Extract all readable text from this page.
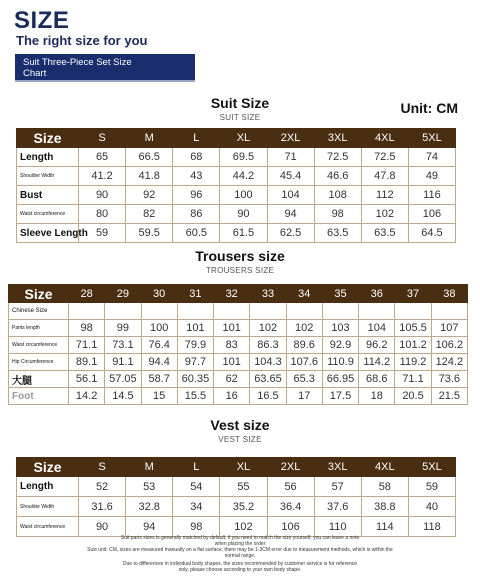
SIZE
The right size for you
Suit Three-Piece Set Size
Chart
Suit Size
SUIT SIZE
Unit: CM
Size	S	M	L	XL	2XL	3XL	4XL	5XL
Length	65	66.5	68	69.5	71	72.5	72.5	74
Shoulder Width	41.2	41.8	43	44.2	45.4	46.6	47.8	49
Bust	90	92	96	100	104	108	112	116
Waist circumference	80	82	86	90	94	98	102	106
Sleeve Length	59	59.5	60.5	61.5	62.5	63.5	63.5	64.5
Trousers size
TROUSERS SIZE
Size	28	29	30	31	32	33	34	35	36	37	38
Chinese Size											
Pants length	98	99	100	101	101	102	102	103	104	105.5	107
Waist circumference	71.1	73.1	76.4	79.9	83	86.3	89.6	92.9	96.2	101.2	106.2
Hip Circumference	89.1	91.1	94.4	97.7	101	104.3	107.6	110.9	114.2	119.2	124.2
大腿	56.1	57.05	58.7	60.35	62	63.65	65.3	66.95	68.6	71.1	73.6
Foot	14.2	14.5	15	15.5	16	16.5	17	17.5	18	20.5	21.5
Vest size
VEST SIZE
Size	S	M	L	XL	2XL	3XL	4XL	5XL
Length	52	53	54	55	56	57	58	59
Shoulder Width	31.6	32.8	34	35.2	36.4	37.6	38.8	40
Waist circumference	90	94	98	102	106	110	114	118
Suit parts sizes is generally matched by default, if you need to match the size yourself, you can leave a note
when placing the order
Size unit: CM, sizes are measured manually on a flat surface, there may be 1-3CM error due to measurement methods, which is within the
normal range.
Due to differences in individual body shapes, the sizes recommended by customer service is for reference
only, please choose according to your own body shape.
